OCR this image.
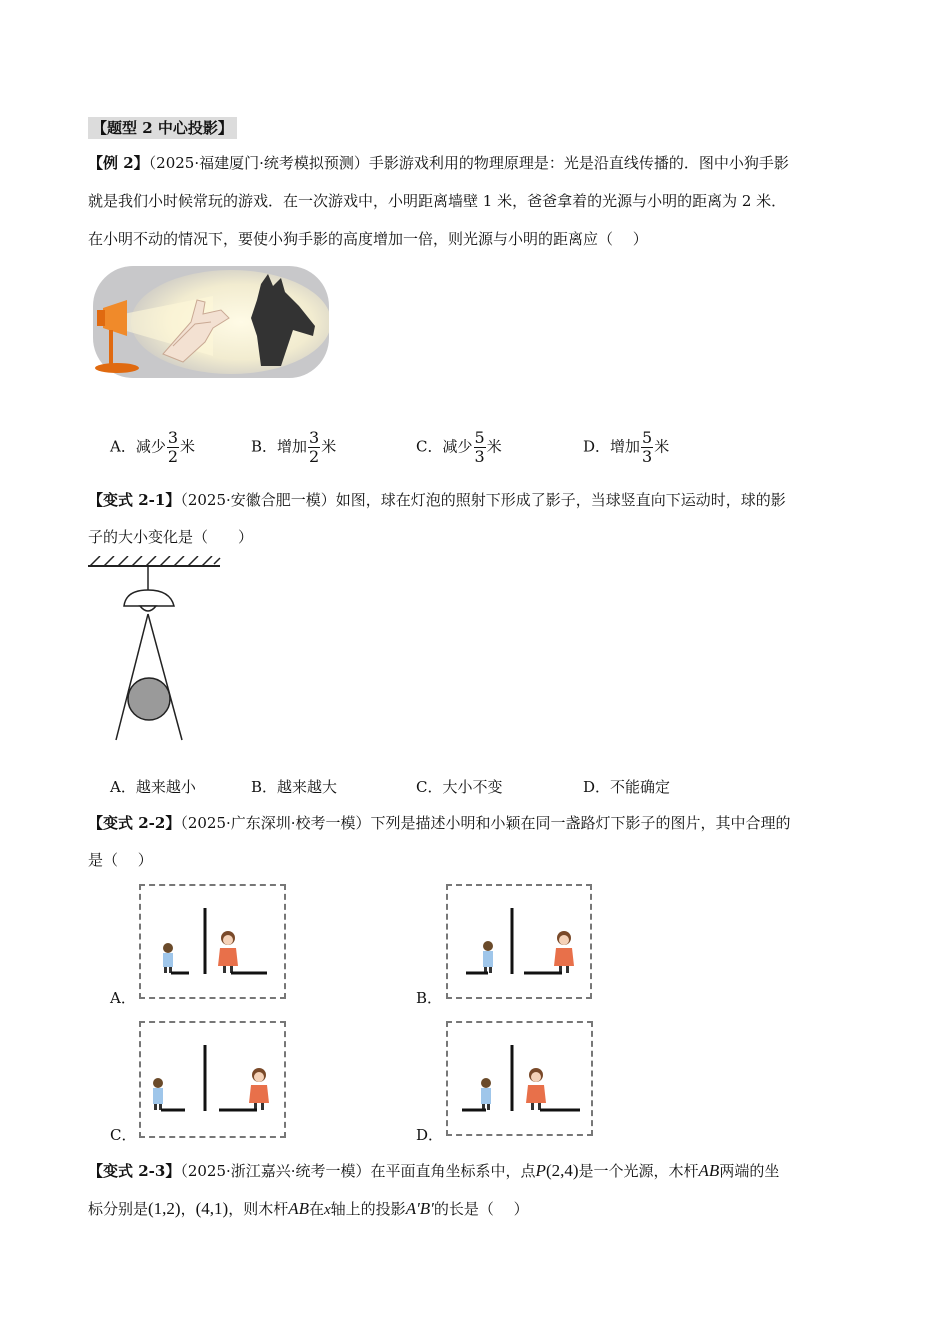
【题型 2 中心投影】
【例 2】（2025·福建厦门·统考模拟预测）手影游戏利用的物理原理是：光是沿直线传播的．图中小狗手影
就是我们小时候常玩的游戏．在一次游戏中，小明距离墙壁 1 米，爸爸拿着的光源与小明的距离为 2 米．
在小明不动的情况下，要使小狗手影的高度增加一倍，则光源与小明的距离应（　 ）
A．减少 $\frac{3}{2}$ 米	B．增加 $\frac{3}{2}$ 米	C．减少 $\frac{5}{3}$ 米	D．增加 $\frac{5}{3}$ 米
【变式 2-1】（2025·安徽合肥一模）如图，球在灯泡的照射下形成了影子，当球竖直向下运动时，球的影
子的大小变化是（　　）
A．越来越小	B．越来越大	C．大小不变	D．不能确定
【变式 2-2】（2025·广东深圳·校考一模）下列是描述小明和小颖在同一盏路灯下影子的图片，其中合理的
是（　 ）
A．	B．
C．	D．
【变式 2-3】（2025·浙江嘉兴·统考一模）在平面直角坐标系中，点P(2,4)是一个光源，木杆AB两端的坐
标分别是(1,2)，(4,1)，则木杆AB在x轴上的投影A′B′的长是（　 ）
